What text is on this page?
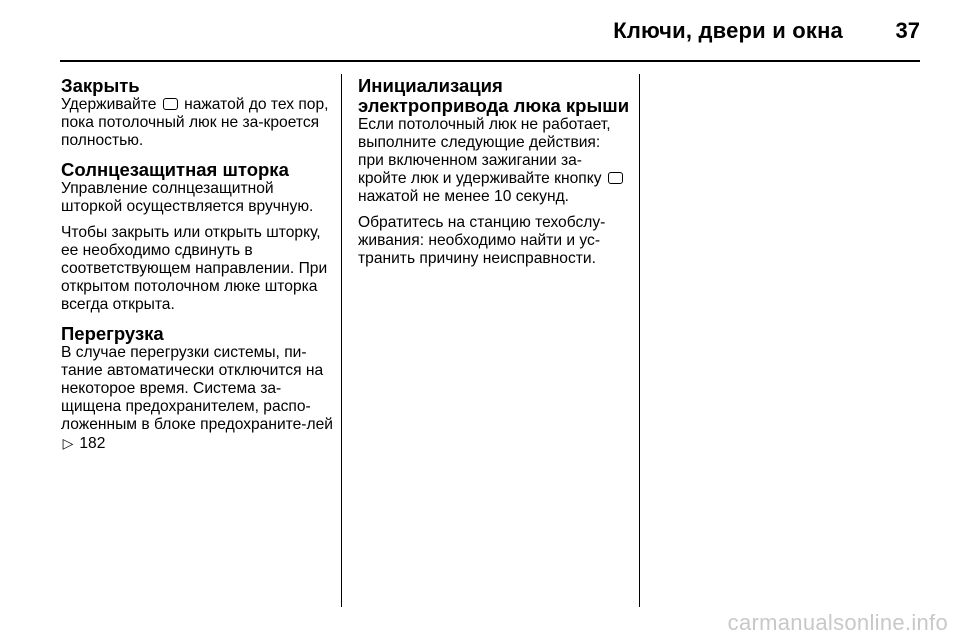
Ключи, двери и окна	37
Закрыть

Удерживайте нажатой до тех пор, пока потолочный люк не за-кроется полностью.

Солнцезащитная шторка

Управление солнцезащитной шторкой осуществляется вручную.

Чтобы закрыть или открыть шторку, ее необходимо сдвинуть в соответствующем направлении. При открытом потолочном люке шторка всегда открыта.

Перегрузка

В случае перегрузки системы, пи-тание автоматически отключится на некоторое время. Система за-щищена предохранителем, распо-ложенным в блоке предохраните-лей ▷ 182

Инициализация
электропривода люка крыши

Если потолочный люк не работает, выполните следующие действия: при включенном зажигании за-кройте люк и удерживайте кнопку  нажатой не менее 10 секунд.

Обратитесь на станцию техобслу-живания: необходимо найти и ус-транить причину неисправности.

carmanualsonline.info
